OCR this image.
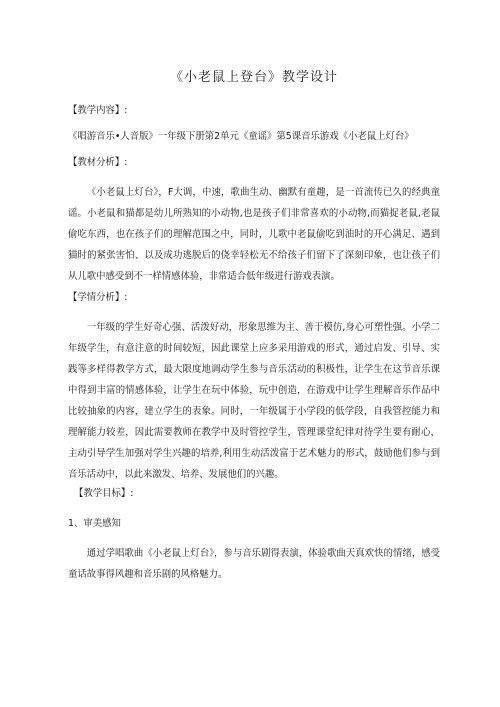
《小老鼠上登台》教学设计
【教学内容】:
《唱游音乐•人音版》一年级下册第2单元《童谣》第5课音乐游戏《小老鼠上灯台》
【教材分析】:
《小老鼠上灯台》，F大调，中速，歌曲生动、幽默有童趣，是一首流传已久的经典童谣。小老鼠和猫都是幼儿所熟知的小动物,也是孩子们非常喜欢的小动物,而猫捉老鼠,老鼠偷吃东西，也在孩子们的理解范围之中，同时，儿歌中老鼠偷吃到油时的开心满足、遇到猫时的紧张害怕、以及成功逃脱后的侥幸轻松无不给孩子们留下了深刻印象，也让孩子们从儿歌中感受到不一样情感体验，非常适合低年级进行游戏表演。
【学情分析】:
一年级的学生好奇心强、活泼好动，形象思维为主、善于模仿,身心可塑性强。小学二年级学生，有意注意的时间较短，因此课堂上应多采用游戏的形式，通过启发、引导、实践等多样得教学方式，最大限度地调动学生参与音乐活动的积极性，让学生在这节音乐课中得到丰富的情感体验，让学生在玩中体验，玩中创造，在游戏中让学生理解音乐作品中比较抽象的内容，建立学生的表象。同时，一年级属于小学段的低学段，自我管控能力和理解能力较差，因此需要教师在教学中及时管控学生，管理课堂纪律对待学生要有耐心，主动引导学生加强对学生兴趣的培养,利用生动活泼富于艺术魅力的形式，鼓励他们参与到音乐活动中，以此来激发、培养、发展他们的兴趣。
【教学目标】:
1、审美感知
通过学唱歌曲《小老鼠上灯台》，参与音乐剧得表演，体验歌曲天真欢快的情绪，感受童话故事得风趣和音乐剧的风格魅力。
